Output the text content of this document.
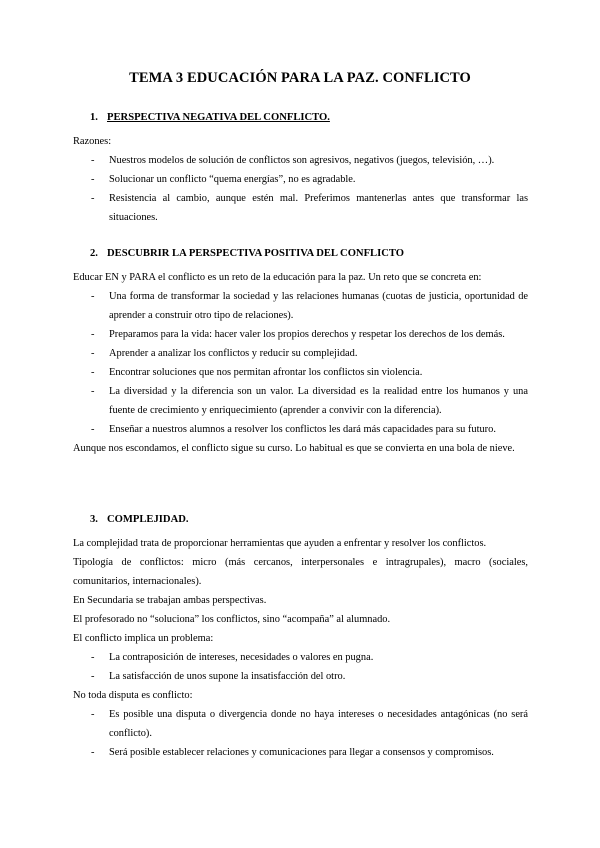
TEMA 3 EDUCACIÓN PARA LA PAZ. CONFLICTO
1. PERSPECTIVA NEGATIVA DEL CONFLICTO.

Razones:

- Nuestros modelos de solución de conflictos son agresivos, negativos (juegos, televisión, …).
- Solucionar un conflicto “quema energías”, no es agradable.
- Resistencia al cambio, aunque estén mal. Preferimos mantenerlas antes que transformar las situaciones.
2. DESCUBRIR LA PERSPECTIVA POSITIVA DEL CONFLICTO

Educar EN y PARA el conflicto es un reto de la educación para la paz. Un reto que se concreta en:

- Una forma de transformar la sociedad y las relaciones humanas (cuotas de justicia, oportunidad de aprender a construir otro tipo de relaciones).
- Preparamos para la vida: hacer valer los propios derechos y respetar los derechos de los demás.
- Aprender a analizar los conflictos y reducir su complejidad.
- Encontrar soluciones que nos permitan afrontar los conflictos sin violencia.
- La diversidad y la diferencia son un valor. La diversidad es la realidad entre los humanos y una fuente de crecimiento y enriquecimiento (aprender a convivir con la diferencia).
- Enseñar a nuestros alumnos a resolver los conflictos les dará más capacidades para su futuro.

Aunque nos escondamos, el conflicto sigue su curso. Lo habitual es que se convierta en una bola de nieve.

3. COMPLEJIDAD.

La complejidad trata de proporcionar herramientas que ayuden a enfrentar y resolver los conflictos.

Tipología de conflictos: micro (más cercanos, interpersonales e intragrupales), macro (sociales, comunitarios, internacionales).

En Secundaria se trabajan ambas perspectivas.

El profesorado no “soluciona” los conflictos, sino “acompaña” al alumnado.

El conflicto implica un problema:

- La contraposición de intereses, necesidades o valores en pugna.
- La satisfacción de unos supone la insatisfacción del otro.

No toda disputa es conflicto:

- Es posible una disputa o divergencia donde no haya intereses o necesidades antagónicas (no será conflicto).
- Será posible establecer relaciones y comunicaciones para llegar a consensos y compromisos.
